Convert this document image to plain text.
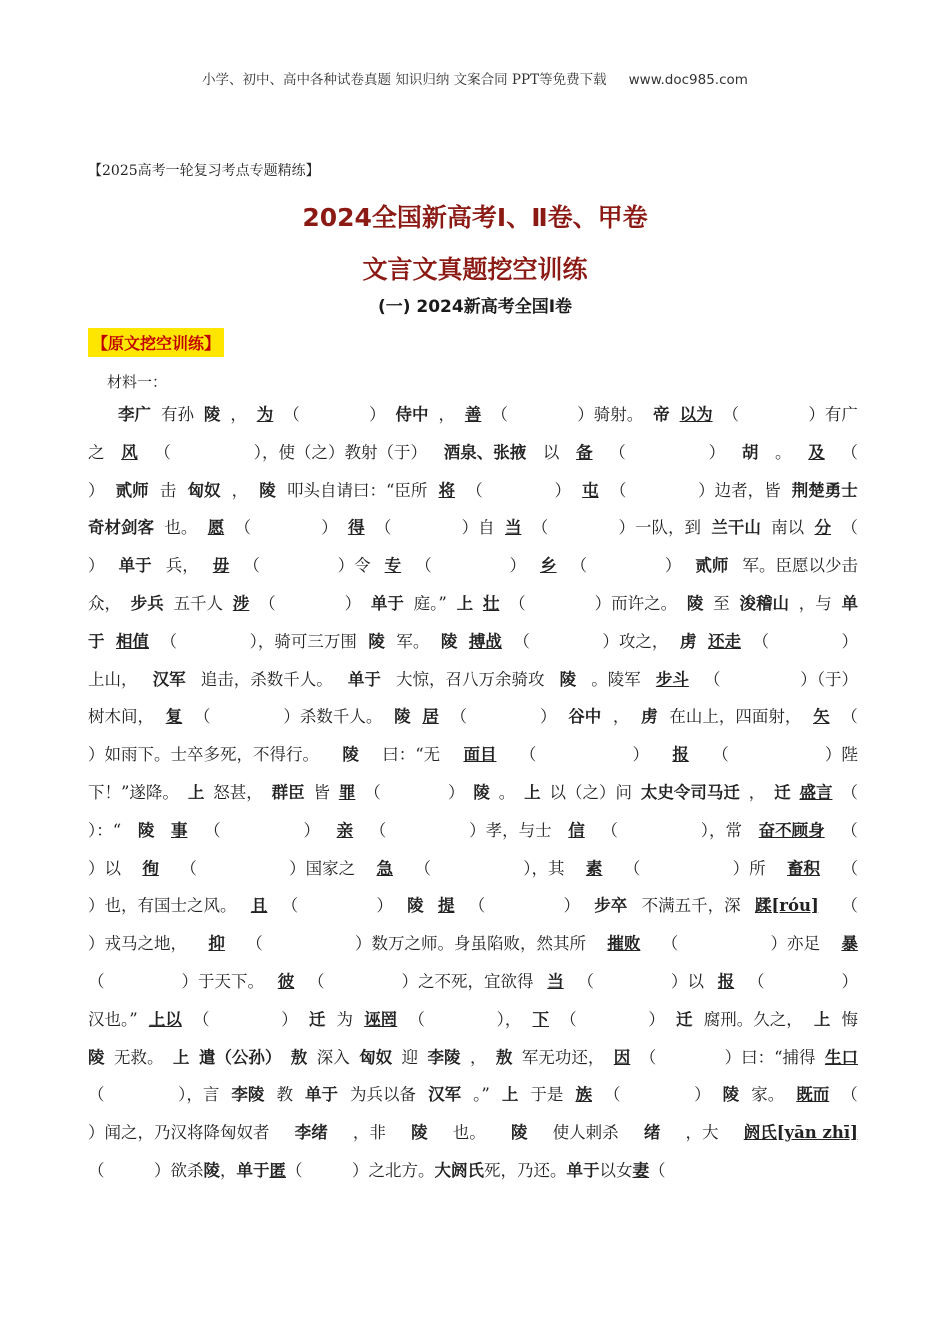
小学、初中、高中各种试卷真题 知识归纳 文案合同 PPT等免费下载 www.doc985.com
【2025高考一轮复习考点专题精练】
2024全国新高考Ⅰ、Ⅱ卷、甲卷
文言文真题挖空训练
(一) 2024新高考全国Ⅰ卷
【原文挖空训练】
材料一：
李广 有孙 陵 ， 为 （
　　　	） 侍中 ， 善 （
　　　	）骑射。 帝 以为 （
　　　	）有广
之 风 （
　　　	），使（之）教射（于） 酒泉、张掖 以 备 （
　　　	） 胡 。 及 （
） 贰师 击 匈奴 ， 陵 叩头自请曰：“臣所 将 （
　　　	） 屯 （
　　　	）边者，皆 荆楚勇士
奇材剑客 也。 愿 （
　　　	） 得 （
　　　	）自 当 （
　　　	）一队，到 兰干山 南以 分 （
） 单于 兵， 毋 （
　　　	）令 专 （
　　　	） 乡 （
　　　	） 贰师 军。臣愿以少击
众， 步兵 五千人 涉 （
　　　	） 单于 庭。” 上 壮 （
　　　	）而许之。 陵 至 浚稽山 ，与 单
于 相值 （
　　　	），骑可三万围 陵 军。 陵 搏战 （
　　　	）攻之， 虏 还走 （
　　　	）
上山， 汉军 追击，杀数千人。 单于 大惊，召八万余骑攻 陵 。陵军 步斗 （
　　　	）（于）
树木间， 复 （
　　　	）杀数千人。 陵 居 （
　　　	） 谷中 ， 虏 在山上，四面射， 矢 （
）如雨下。士卒多死，不得行。 陵 曰：“无 面目 （
　　　	） 报 （
　　　	）陛
下！”遂降。 上 怒甚， 群臣 皆 罪 （
　　　	） 陵 。 上 以（之）问 太史令司马迁 ， 迁 盛言 （
）：“ 陵 事 （
　　　	） 亲 （
　　　	）孝，与士 信 （
　　　	），常 奋不顾身 （
）以 徇 （
　　　	）国家之 急 （
　　　	），其 素 （
　　　	）所 畜积 （
）也，有国士之风。 且 （
　　　	） 陵 提 （
　　　	） 步卒 不满五千，深 蹂[róu] 　（
）戎马之地， 抑 （
　　　	）数万之师。身虽陷败，然其所 摧败 （
　　　	）亦足 暴
（
　　　	）于天下。 彼 （
　　　	）之不死，宜欲得 当 （
　　　	）以 报 （
　　　	）
汉也。” 上以 （
　　　	） 迁 为 诬罔 （
　　　	）， 下 （
　　　	） 迁 腐刑。久之， 上 悔
陵 无救。 上 遣（公孙） 敖 深入 匈奴 迎 李陵 ， 敖 军无功还， 因 （
　　　	）曰：“捕得 生口
（
　　　	），言 李陵 教 单于 为兵以备 汉军 。” 上 于是 族 （
　　　	） 陵 家。 既而 （
）闻之，乃汉将降匈奴者 李绪 ，非 陵 也。 陵 使人刺杀 绪 ，大 阏氏[yān zhī]
（
　　　	）欲杀 陵 ， 单于 匿 （
　　　	）之北方。 大阏氏 死，乃还。 单于 以女 妻 （
